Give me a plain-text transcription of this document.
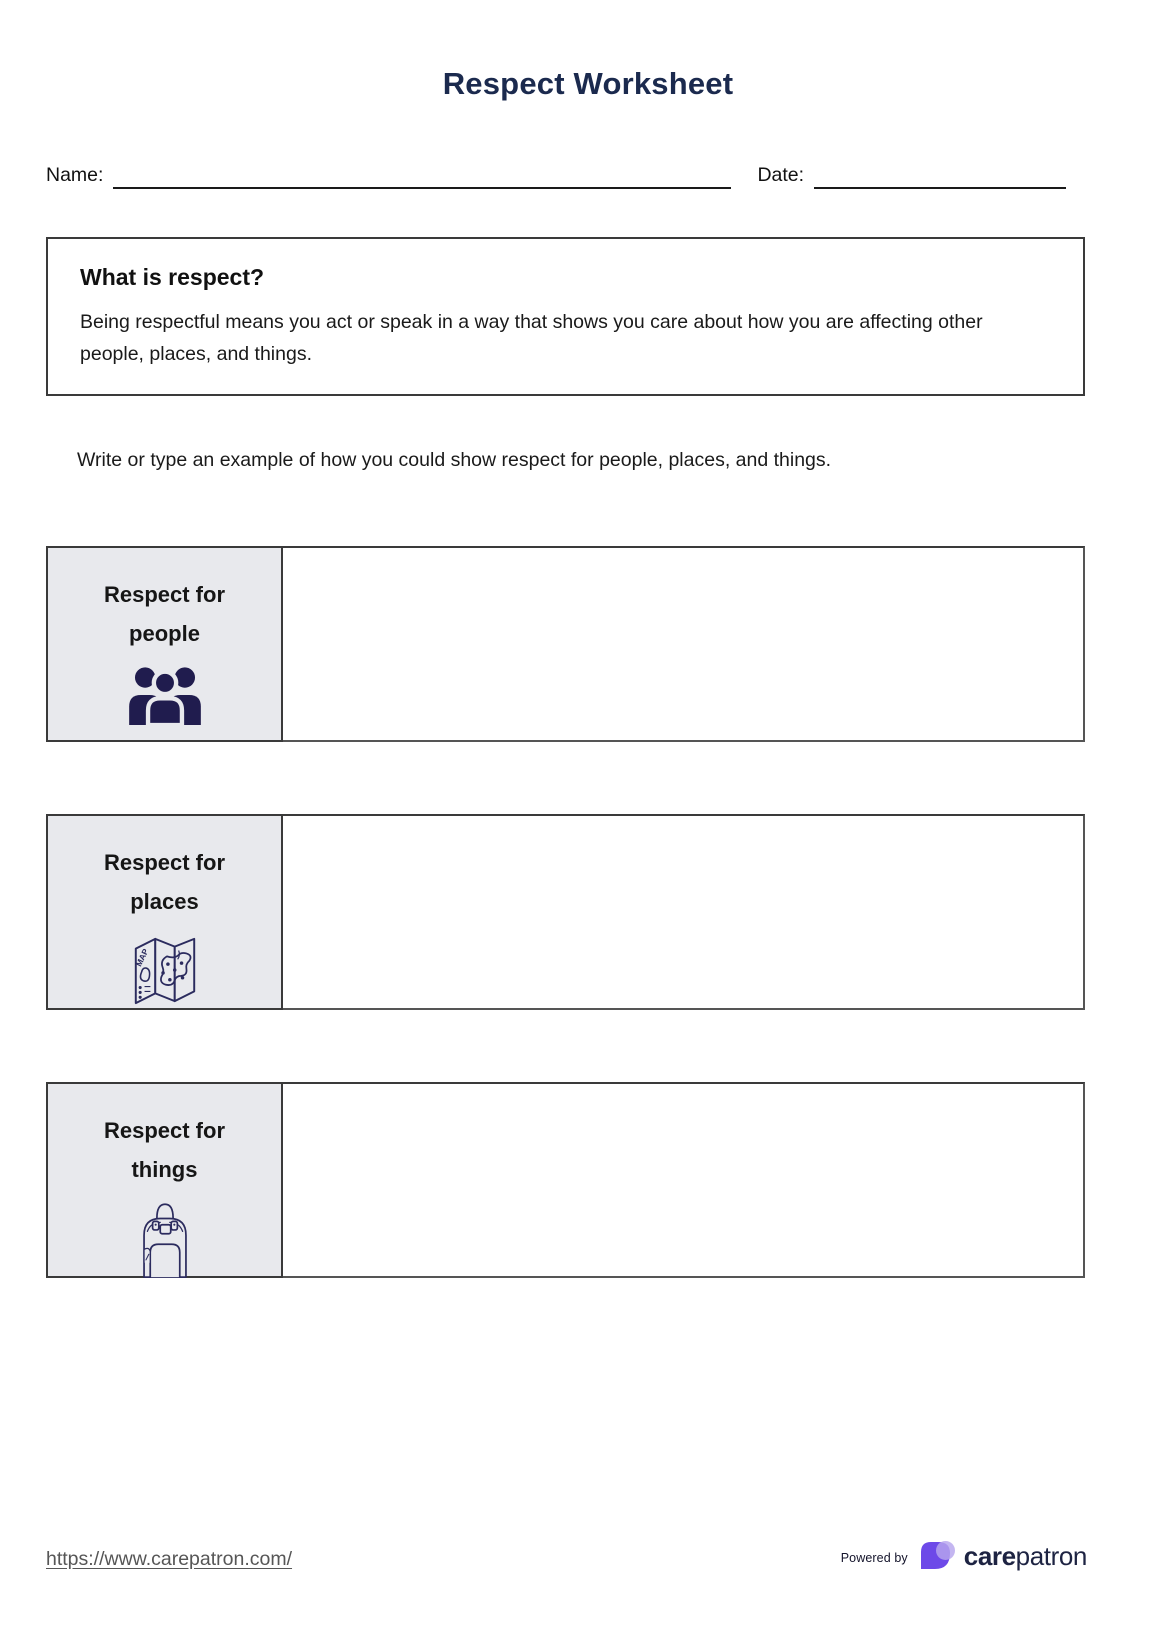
Respect Worksheet
Name:	Date:
What is respect?
Being respectful means you act or speak in a way that shows you care about how you are affecting other people, places, and things.
Write or type an example of how you could show respect for people, places, and things.
Respect for
people
Respect for
places
MAP
Respect for
things
https://www.carepatron.com/	Powered by carepatron
